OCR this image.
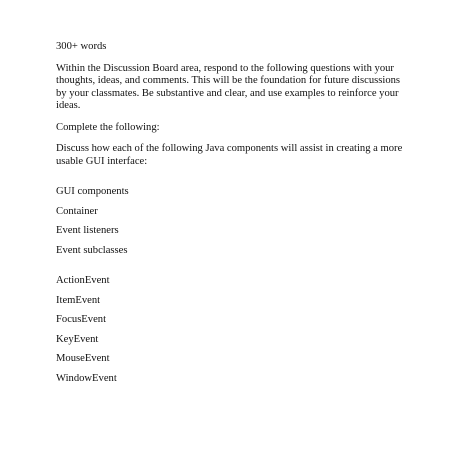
300+ words

Within the Discussion Board area, respond to the following questions with your thoughts, ideas, and comments. This will be the foundation for future discussions by your classmates. Be substantive and clear, and use examples to reinforce your ideas.

Complete the following:

Discuss how each of the following Java components will assist in creating a more usable GUI interface:

GUI components
Container
Event listeners
Event subclasses
ActionEvent
ItemEvent
FocusEvent
KeyEvent
MouseEvent
WindowEvent
